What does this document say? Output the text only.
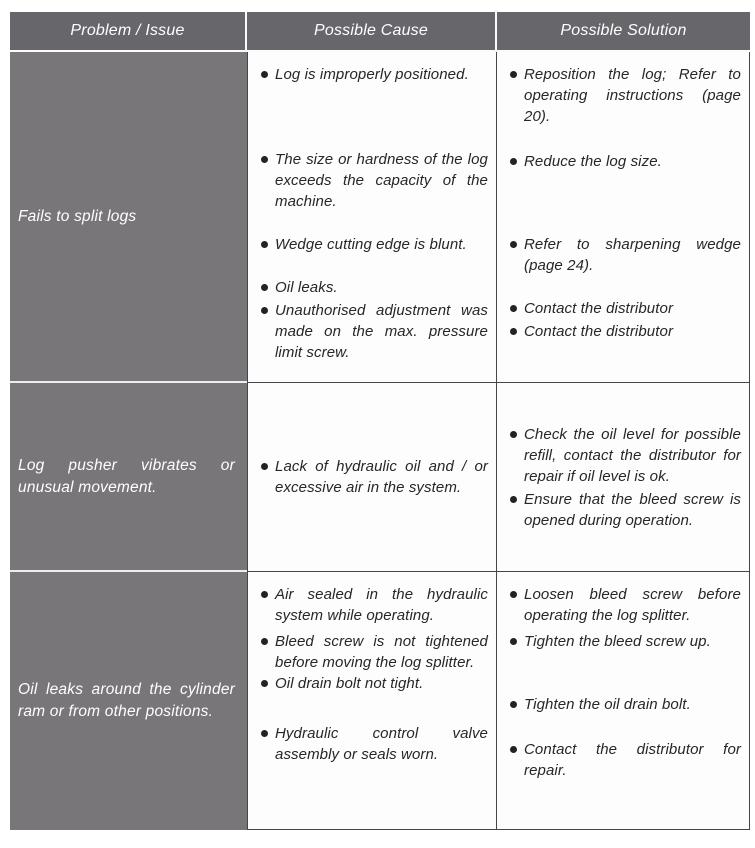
Problem / Issue	Possible Cause	Possible Solution
Fails to split logs
Log is improperly positioned.
The size or hardness of the log exceeds the capacity of the machine.
Wedge cutting edge is blunt.
Oil leaks.
Unauthorised adjustment was made on the max. pressure limit screw.
Reposition the log; Refer to operating instructions (page 20).
Reduce the log size.
Refer to sharpening wedge (page 24).
Contact the distributor
Contact the distributor
Log pusher vibrates or unusual movement.
Lack of hydraulic oil and / or excessive air in the system.
Check the oil level for possible refill, contact the distributor for repair if oil level is ok.
Ensure that the bleed screw is opened during operation.
Oil leaks around the cylinder ram or from other positions.
Air sealed in the hydraulic system while operating.
Bleed screw is not tightened before moving the log splitter.
Oil drain bolt not tight.
Hydraulic control valve assembly or seals worn.
Loosen bleed screw before operating the log splitter.
Tighten the bleed screw up.
Tighten the oil drain bolt.
Contact the distributor for repair.
